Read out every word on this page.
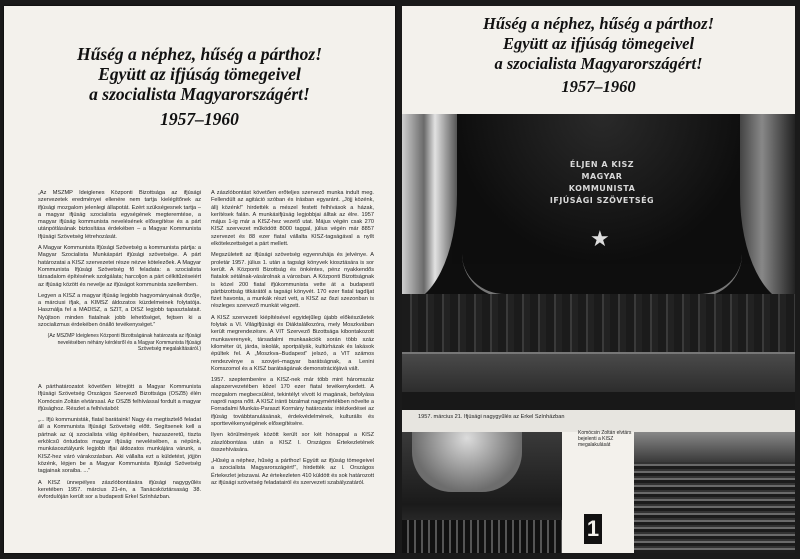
Hűség a néphez, hűség a párthoz!
Együtt az ifjúság tömegeivel
a szocialista Magyarországért!
1957–1960

„Az MSZMP Ideiglenes Központi Bizottsága az ifjúsági szervezetek eredményei ellenére nem tartja kielégítőnek az ifjúsági mozgalom jelenlegi állapotát. Ezért szükségesnek tartja – a magyar ifjúság szocialista egységének megteremtése, a magyar ifjúság kommunista nevelésének elősegítése és a párt utánpótlásának biztosítása érdekében – a Magyar Kommunista Ifjúsági Szövetség létrehozását.

A Magyar Kommunista Ifjúsági Szövetség a kommunista pártja: a Magyar Szocialista Munkáspárt ifjúsági szövetsége. A párt határozatai a KISZ szervezetei része nézve kötelezőek. A Magyar Kommunista Ifjúsági Szövetség fő feladata: a szocialista társadalom építésének szolgálata; harcoljon a párt célkitűzéseiért az ifjúság között és nevelje az ifjúságot kommunista szellemben.

Legyen a KISZ a magyar ifjúság legjobb hagyományainak őrzője, a márciusi ifjak, a KIMSZ áldozatos küzdelmeinek folytatója. Használja fel a MADISZ, a SZIT, a DISZ legjobb tapasztalatait. Nyújtson minden fiatalnak jobb lehetőséget, fejtsen ki a szocializmus érdekében önálló tevékenységet.”

(Az MSZMP Ideiglenes Központi Bizottságának határozata az ifjúsági nevelésében néhány kérdésről és a Magyar Kommunista Ifjúsági Szövetség megalakításáról.)

A párthatározatot követően létrejött a Magyar Kommunista Ifjúsági Szövetség Országos Szervező Bizottsága (OSZB) élén Komócsin Zoltán elvtárssal. Az OSZB felhívással fordult a magyar ifjúsághoz. Részlet a felhívásból:

„... Ifjú kommunisták, fiatal barátaink! Nagy és megtisztelő feladat áll a Kommunista Ifjúsági Szövetség előtt. Segítsenek kell a pártnak az új szocialista világ építésében, hazaszeretű, tiszta erkölcsű öntudatos magyar ifjúság nevelésében, a népünk, munkásosztályunk legjobb ifjai áldozatos munkájára várunk, a KISZ-hez váró várakozásban. Aki vállalta ezt a küldetést, jöjjön közénk, lépjen be a Magyar Kommunista Ifjúsági Szövetség tagjainak soraiba. ...”

A KISZ ünnepélyes zászlóbontására ifjúsági nagygyűlés keretében 1957. március 21-én, a Tanácsköztársaság 38. évfordulóján került sor a budapesti Erkel Színházban.

A zászlóbontást követően erőteljes szervező munka indult meg. Fellendült az agitáció szóban és írásban egyaránt. „Jöjj közénk, állj közénk!” hirdették a mészel festett felhívások a házak, kerítések falán. A munkásifjúság legjobbjai álltak az élre. 1957 május 1-ig már a KISZ-hez vezető utat. Május végén csak 270 KISZ szervezet működött 8000 taggal, július végén már 8857 szervezet és 88 ezer fiatal vállalta KISZ-tagságával a nyílt elkötelezettséget a párt mellett.

Megszületett az ifjúsági szövetség egyenruhája és jelvénye. A proletár 1957. július 1. után a tagsági könyvek kiosztására is sor került. A Központi Bizottság és önkéntes, pénz nyakkendős fiatalok sétálnak-vásárolnak a városban. A Központi Bizottságnak is közel 200 fiatal ifjúkommunista vette át a budapesti pártbizottság titkárától a tagsági könyvét. 170 ezer fiatal tagdíjat fizet havonta, a munkák részt vett, a KISZ az őszi szezonban is részleges szervező munkát végzett.

A KISZ szervezeti kiépítésével egyidejűleg újabb előkészületek folytak a VI. Világifjúsági és Diáktalálkozóra, mely Moszkvában került megrendezésre. A VIT Szervező Bizottsága kibontakozott munkaverenyek, társadalmi munkaakciók során több száz kilométer út, járda, iskolák, sportpályák, kultúrházak és lakások épültek fel. A „Moszkva–Budapest” jelszó, a VIT számos rendezvénye a szovjet–magyar barátságnak, a Lenini Komszomol és a KISZ barátságának demonstrációjává vált.

1957. szeptemberére a KISZ-nek már több mint háromszáz alapszervezetében közel 170 ezer fiatal tevékenykedett. A mozgalom megbecsülést, tekintélyt vívott ki magának, befolyása napról napra nőtt. A KISZ iránti bizalmat nagymértékben növelte a Forradalmi Munkás-Paraszt Kormány határozata: intézkedései az ifjúság továbbtanulásának, érdekvédelmének, kulturális és sporttevékenységének elősegítésére.

Ilyen körülmények között került sor két hónappal a KISZ zászlóbontása után a KISZ I. Országos Értekezletének összehívására.

„Hűség a néphez, hűség a párthoz! Együtt az ifjúság tömegeivel a szocialista Magyarországért!”, hirdették az I. Országos Értekezlet jelszavai. Az értekezleten 410 küldött és sok határozott az ifjúsági szövetség feladatairól és szervezeti szabályzatáról.

Hűség a néphez, hűség a párthoz!
Együtt az ifjúság tömegeivel
a szocialista Magyarországért!
1957–1960
ÉLJEN A KISZ
MAGYAR KOMMUNISTA
IFJÚSÁGI SZÖVETSÉG
★
1957. március 21. Ifjúsági nagygyűlés az Erkel Színházban
Komócsin Zoltán elvtárs bejelenti a KISZ megalakulását
1
